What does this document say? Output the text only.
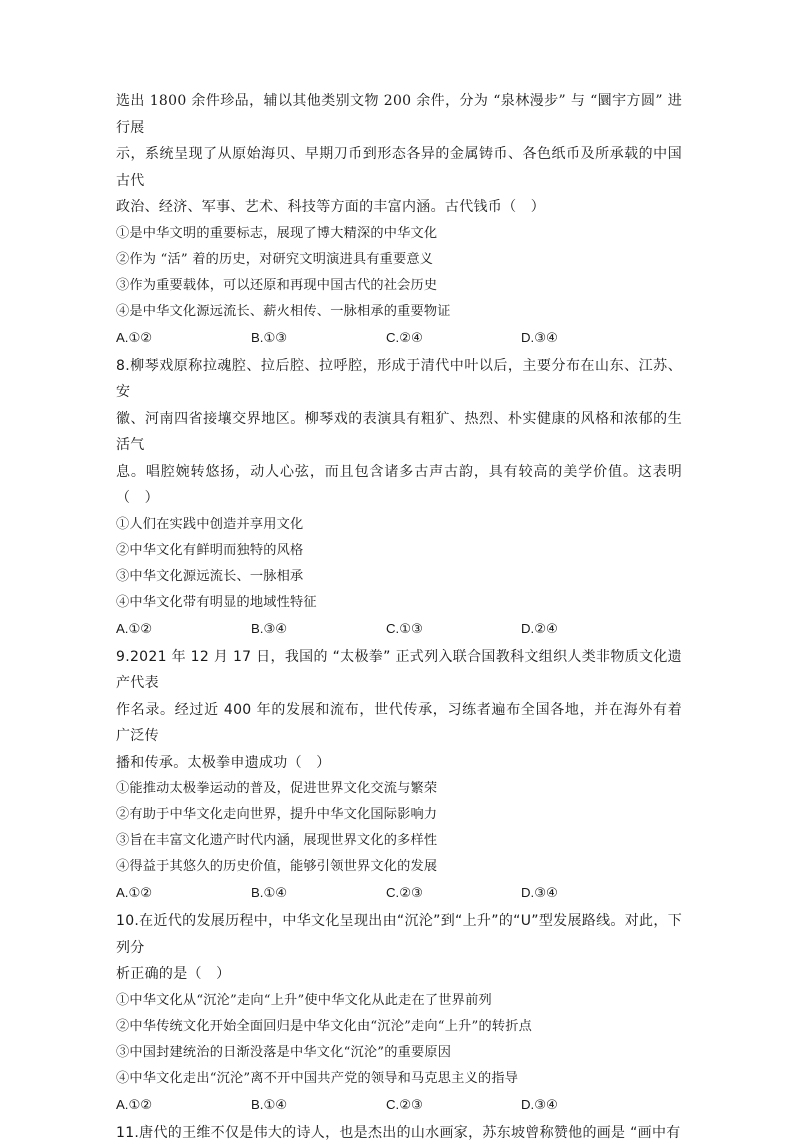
选出 1800 余件珍品，辅以其他类别文物 200 余件，分为 “泉林漫步” 与 “圜宇方圆” 进行展

示，系统呈现了从原始海贝、早期刀币到形态各异的金属铸币、各色纸币及所承载的中国古代

政治、经济、军事、艺术、科技等方面的丰富内涵。古代钱币（　）

①是中华文明的重要标志，展现了博大精深的中华文化

②作为 “活” 着的历史，对研究文明演进具有重要意义

③作为重要载体，可以还原和再现中国古代的社会历史

④是中华文化源远流长、薪火相传、一脉相承的重要物证

A.①②	B.①③	C.②④	D.③④

8.柳琴戏原称拉魂腔、拉后腔、拉呼腔，形成于清代中叶以后，主要分布在山东、江苏、安

徽、河南四省接壤交界地区。柳琴戏的表演具有粗犷、热烈、朴实健康的风格和浓郁的生活气

息。唱腔婉转悠扬，动人心弦，而且包含诸多古声古韵，具有较高的美学价值。这表明（　）

①人们在实践中创造并享用文化

②中华文化有鲜明而独特的风格

③中华文化源远流长、一脉相承

④中华文化带有明显的地域性特征

A.①②	B.③④	C.①③	D.②④

9.2021 年 12 月 17 日，我国的 “太极拳” 正式列入联合国教科文组织人类非物质文化遗产代表

作名录。经过近 400 年的发展和流布，世代传承，习练者遍布全国各地，并在海外有着广泛传

播和传承。太极拳申遗成功（　）

①能推动太极拳运动的普及，促进世界文化交流与繁荣

②有助于中华文化走向世界，提升中华文化国际影响力

③旨在丰富文化遗产时代内涵，展现世界文化的多样性

④得益于其悠久的历史价值，能够引领世界文化的发展

A.①②	B.①④	C.②③	D.③④

10.在近代的发展历程中，中华文化呈现出由“沉沦”到“上升”的“U”型发展路线。对此，下列分

析正确的是（　）

①中华文化从“沉沦”走向“上升”使中华文化从此走在了世界前列

②中华传统文化开始全面回归是中华文化由“沉沦”走向“上升”的转折点

③中国封建统治的日渐没落是中华文化“沉沦”的重要原因

④中华文化走出“沉沦”离不开中国共产党的领导和马克思主义的指导

A.①②	B.①④	C.②③	D.③④

11.唐代的王维不仅是伟大的诗人，也是杰出的山水画家，苏东坡曾称赞他的画是 “画中有
